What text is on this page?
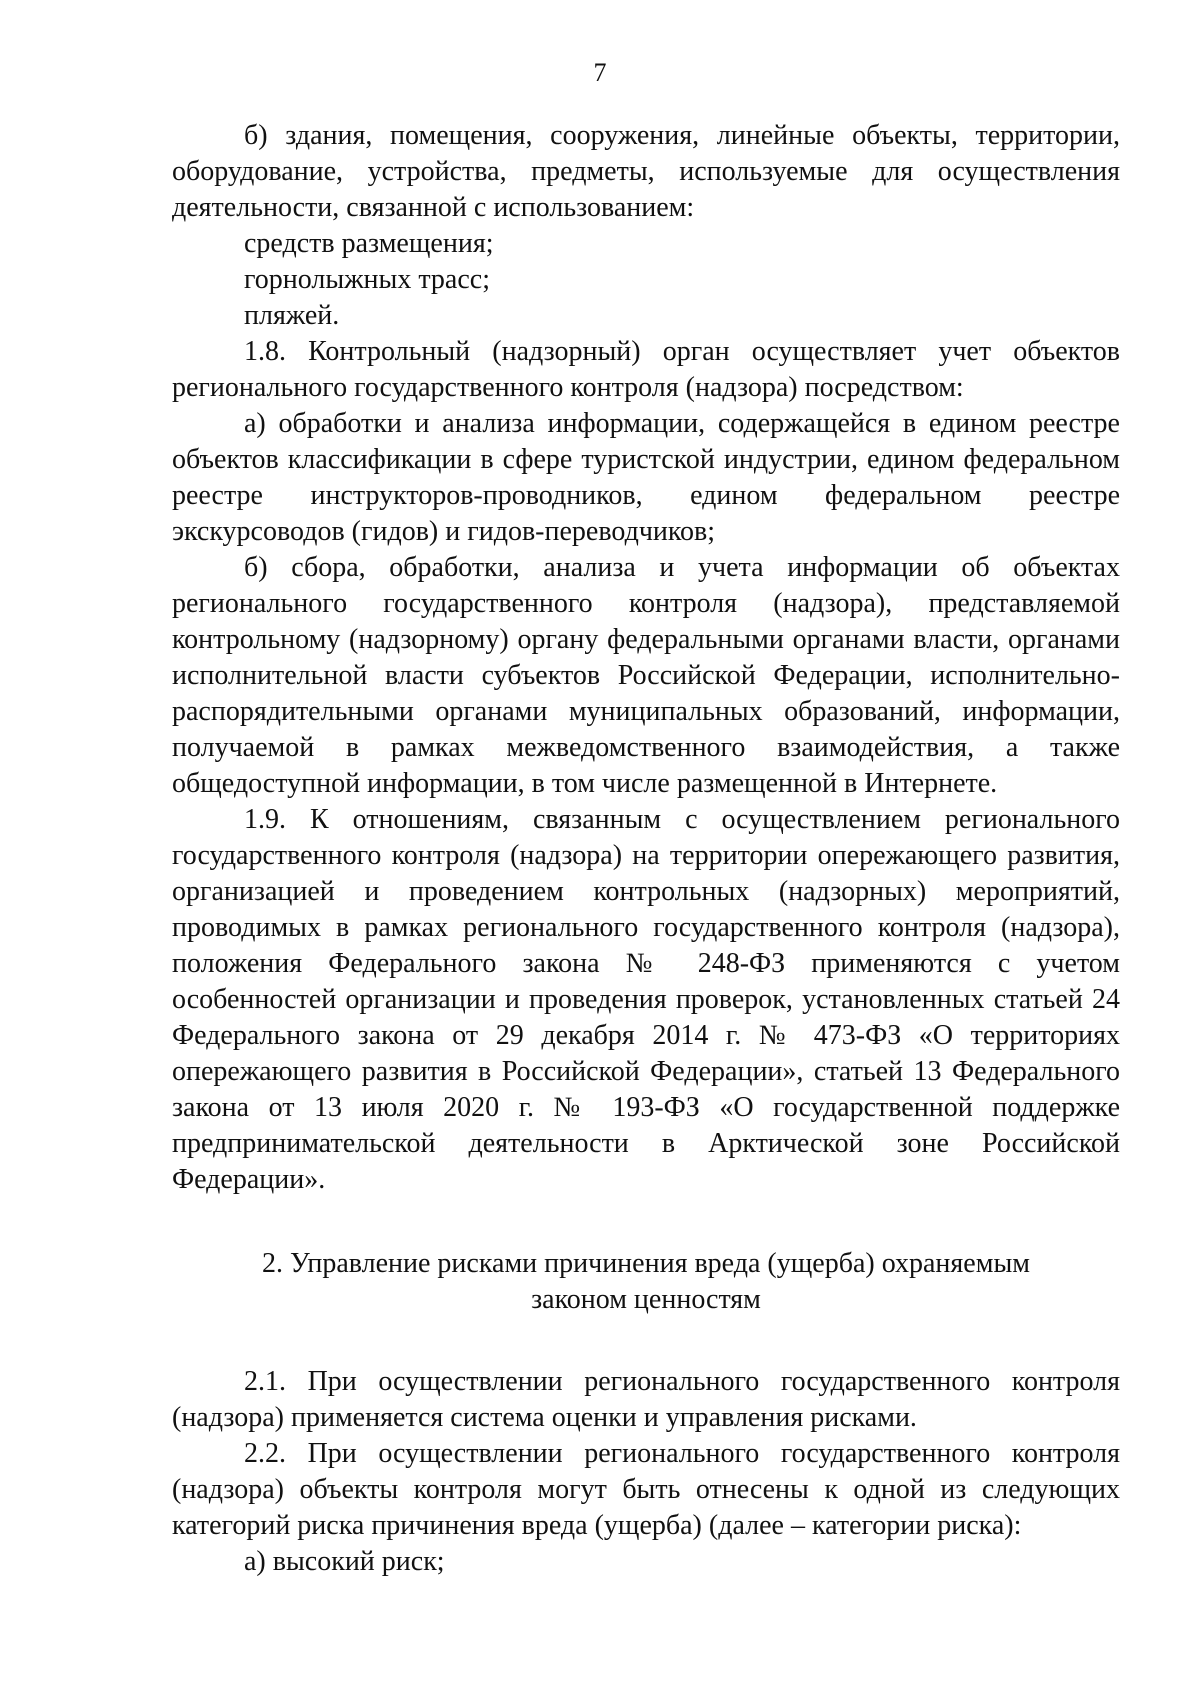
7

б) здания, помещения, сооружения, линейные объекты, территории, оборудование, устройства, предметы, используемые для осуществления деятельности, связанной с использованием:

средств размещения;

горнолыжных трасс;

пляжей.

1.8. Контрольный (надзорный) орган осуществляет учет объектов регионального государственного контроля (надзора) посредством:

а) обработки и анализа информации, содержащейся в едином реестре объектов классификации в сфере туристской индустрии, едином федеральном реестре инструкторов-проводников, едином федеральном реестре экскурсоводов (гидов) и гидов-переводчиков;

б) сбора, обработки, анализа и учета информации об объектах регионального государственного контроля (надзора), представляемой контрольному (надзорному) органу федеральными органами власти, органами исполнительной власти субъектов Российской Федерации, исполнительно-распорядительными органами муниципальных образований, информации, получаемой в рамках межведомственного взаимодействия, а также общедоступной информации, в том числе размещенной в Интернете.

1.9. К отношениям, связанным с осуществлением регионального государственного контроля (надзора) на территории опережающего развития, организацией и проведением контрольных (надзорных) мероприятий, проводимых в рамках регионального государственного контроля (надзора), положения Федерального закона № 248-ФЗ применяются с учетом особенностей организации и проведения проверок, установленных статьей 24 Федерального закона от 29 декабря 2014 г. № 473-ФЗ «О территориях опережающего развития в Российской Федерации», статьей 13 Федерального закона от 13 июля 2020 г. № 193-ФЗ «О государственной поддержке предпринимательской деятельности в Арктической зоне Российской Федерации».

2. Управление рисками причинения вреда (ущерба) охраняемым законом ценностям

2.1. При осуществлении регионального государственного контроля (надзора) применяется система оценки и управления рисками.

2.2. При осуществлении регионального государственного контроля (надзора) объекты контроля могут быть отнесены к одной из следующих категорий риска причинения вреда (ущерба) (далее – категории риска):

а) высокий риск;
